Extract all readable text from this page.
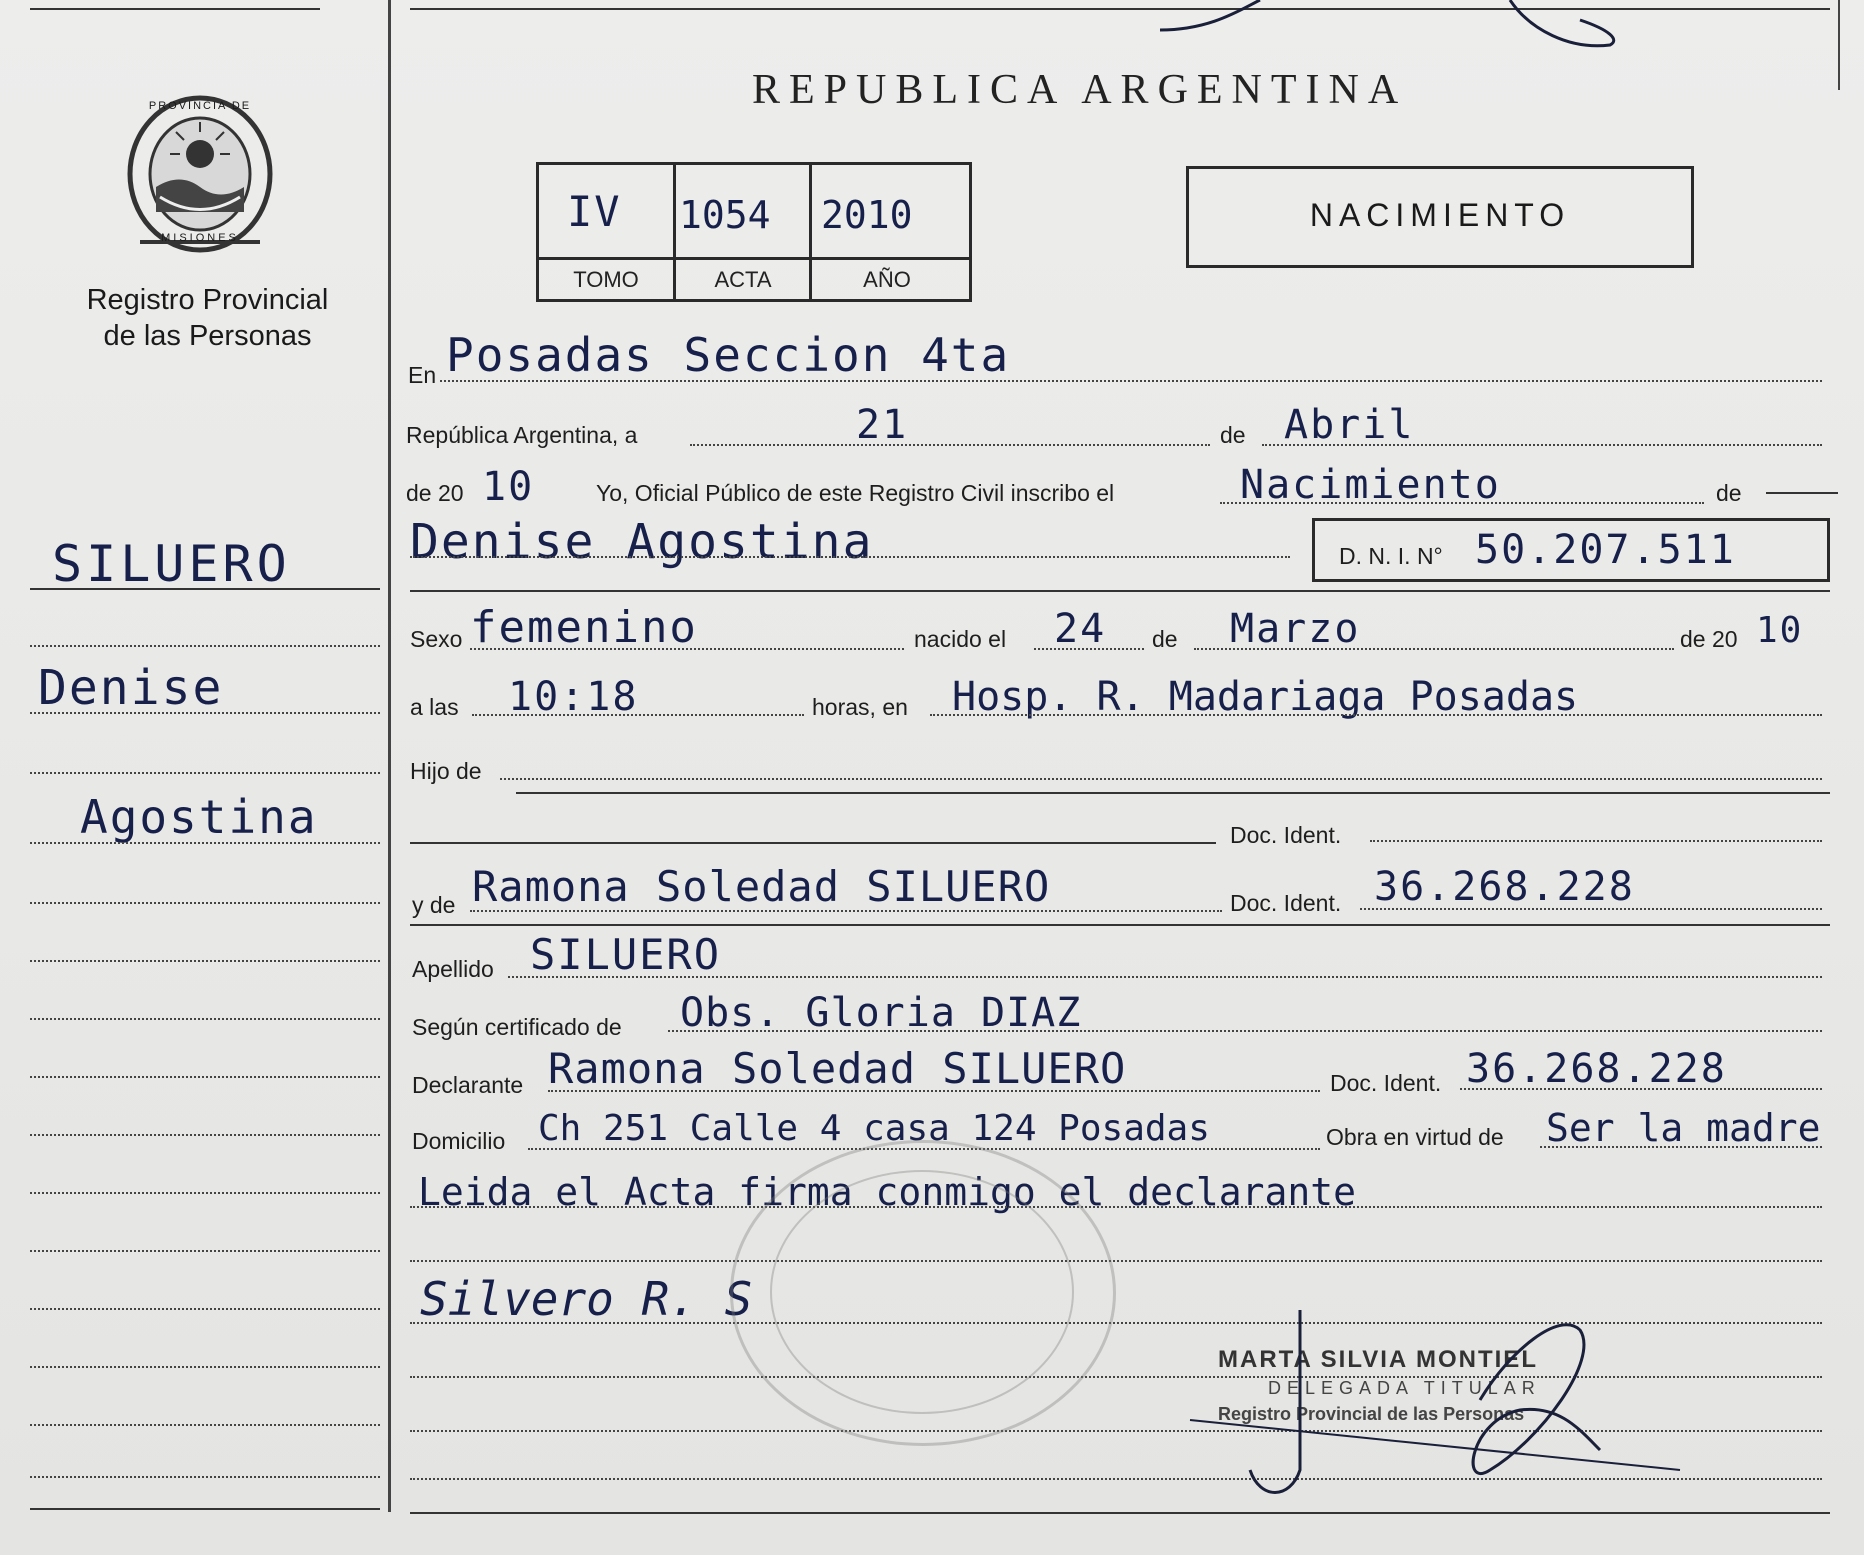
PROVINCIA DE
MISIONES
Registro Provincial
de las Personas
SILUERO
Denise
Agostina
REPUBLICA ARGENTINA
IV 1054 2010
TOMO	ACTA	AÑO
NACIMIENTO
En Posadas Seccion 4ta
República Argentina, a	21	de Abril
de 20 10	Yo, Oficial Público de este Registro Civil inscribo el	Nacimiento	de
Denise Agostina	D. N. I. N° 50.207.511
Sexo femenino	nacido el 24 de Marzo	de 20 10
a las 10:18	horas, en Hosp. R. Madariaga Posadas
Hijo de
Doc. Ident.
y de Ramona Soledad SILUERO	Doc. Ident. 36.268.228
Apellido SILUERO
Según certificado de Obs. Gloria DIAZ
Declarante Ramona Soledad SILUERO	Doc. Ident. 36.268.228
Domicilio Ch 251 Calle 4 casa 124 Posadas	Obra en virtud de Ser la madre
Leida el Acta firma conmigo el declarante
Silvero R. S
MARTA SILVIA MONTIEL
DELEGADA TITULAR
Registro Provincial de las Personas
